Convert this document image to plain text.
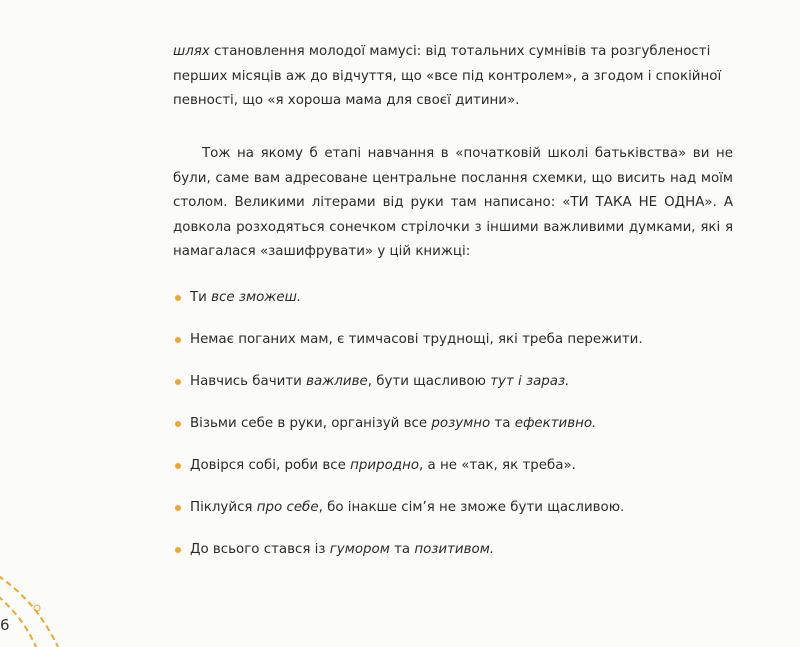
шлях становлення молодої мамусі: від тотальних сумнівів та розгубленості перших місяців аж до відчуття, що «все під контролем», а згодом і спокійної певності, що «я хороша мама для своєї дитини».

Тож на якому б етапі навчання в «початковій школі батьківства» ви не були, саме вам адресоване центральне послання схемки, що висить над моїм столом. Великими літерами від руки там написано: «ТИ ТАКА НЕ ОДНА». А довкола розходяться сонечком стрілочки з іншими важливими думками, які я намагалася «зашифрувати» у цій книжці:

Ти все зможеш.
Немає поганих мам, є тимчасові труднощі, які треба пережити.
Навчись бачити важливе, бути щасливою тут і зараз.
Візьми себе в руки, організуй все розумно та ефективно.
Довірся собі, роби все природно, а не «так, як треба».
Піклуйся про себе, бо інакше сім’я не зможе бути щасливою.
До всього стався із гумором та позитивом.
6
